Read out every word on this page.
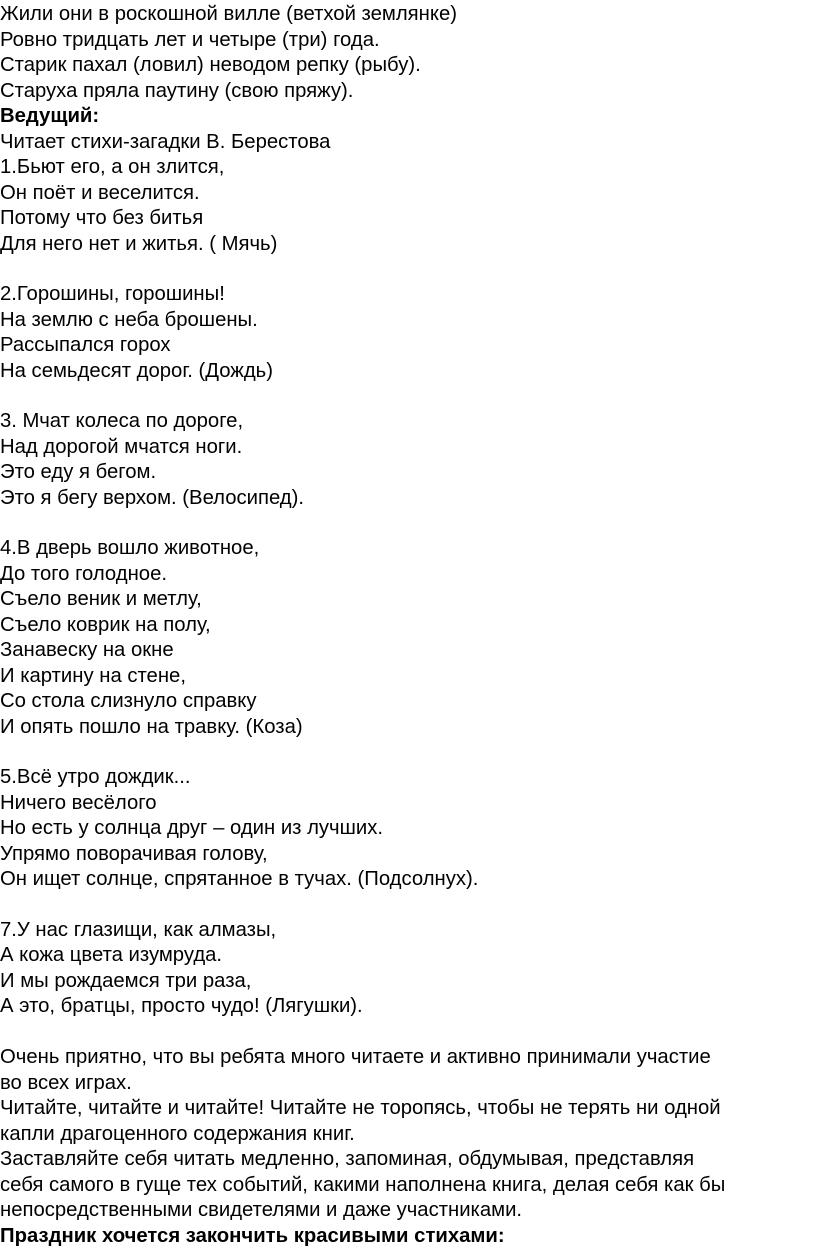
Жили они в роскошной вилле (ветхой землянке)
Ровно тридцать лет и четыре (три) года.
Старик пахал (ловил) неводом репку (рыбу).
Старуха пряла паутину (свою пряжу).
Ведущий:
Читает стихи-загадки В. Берестова
1.Бьют его, а он злится,
Он поёт и веселится.
Потому что без битья
Для него нет и житья. ( Мячь)
2.Горошины, горошины!
На землю с неба брошены.
Рассыпался горох
На семьдесят дорог. (Дождь)
3. Мчат колеса по дороге,
Над дорогой мчатся ноги.
Это еду я бегом.
Это я бегу верхом. (Велосипед).
4.В дверь вошло животное,
До того голодное.
Съело веник и метлу,
Съело коврик на полу,
Занавеску на окне
И картину на стене,
Со стола слизнуло справку
И опять пошло на травку. (Коза)
5.Всё утро дождик...
Ничего весёлого
Но есть у солнца друг – один из лучших.
Упрямо поворачивая голову,
Он ищет солнце, спрятанное в тучах. (Подсолнух).
7.У нас глазищи, как алмазы,
А кожа цвета изумруда.
И мы рождаемся три раза,
А это, братцы, просто чудо! (Лягушки).
Очень приятно, что вы ребята много читаете и активно принимали участие
во всех играх.
Читайте, читайте и читайте! Читайте не торопясь, чтобы не терять ни одной
капли драгоценного содержания книг.
Заставляйте себя читать медленно, запоминая, обдумывая, представляя
себя самого в гуще тех событий, какими наполнена книга, делая себя как бы
непосредственными свидетелями и даже участниками.
Праздник хочется закончить красивыми стихами:
